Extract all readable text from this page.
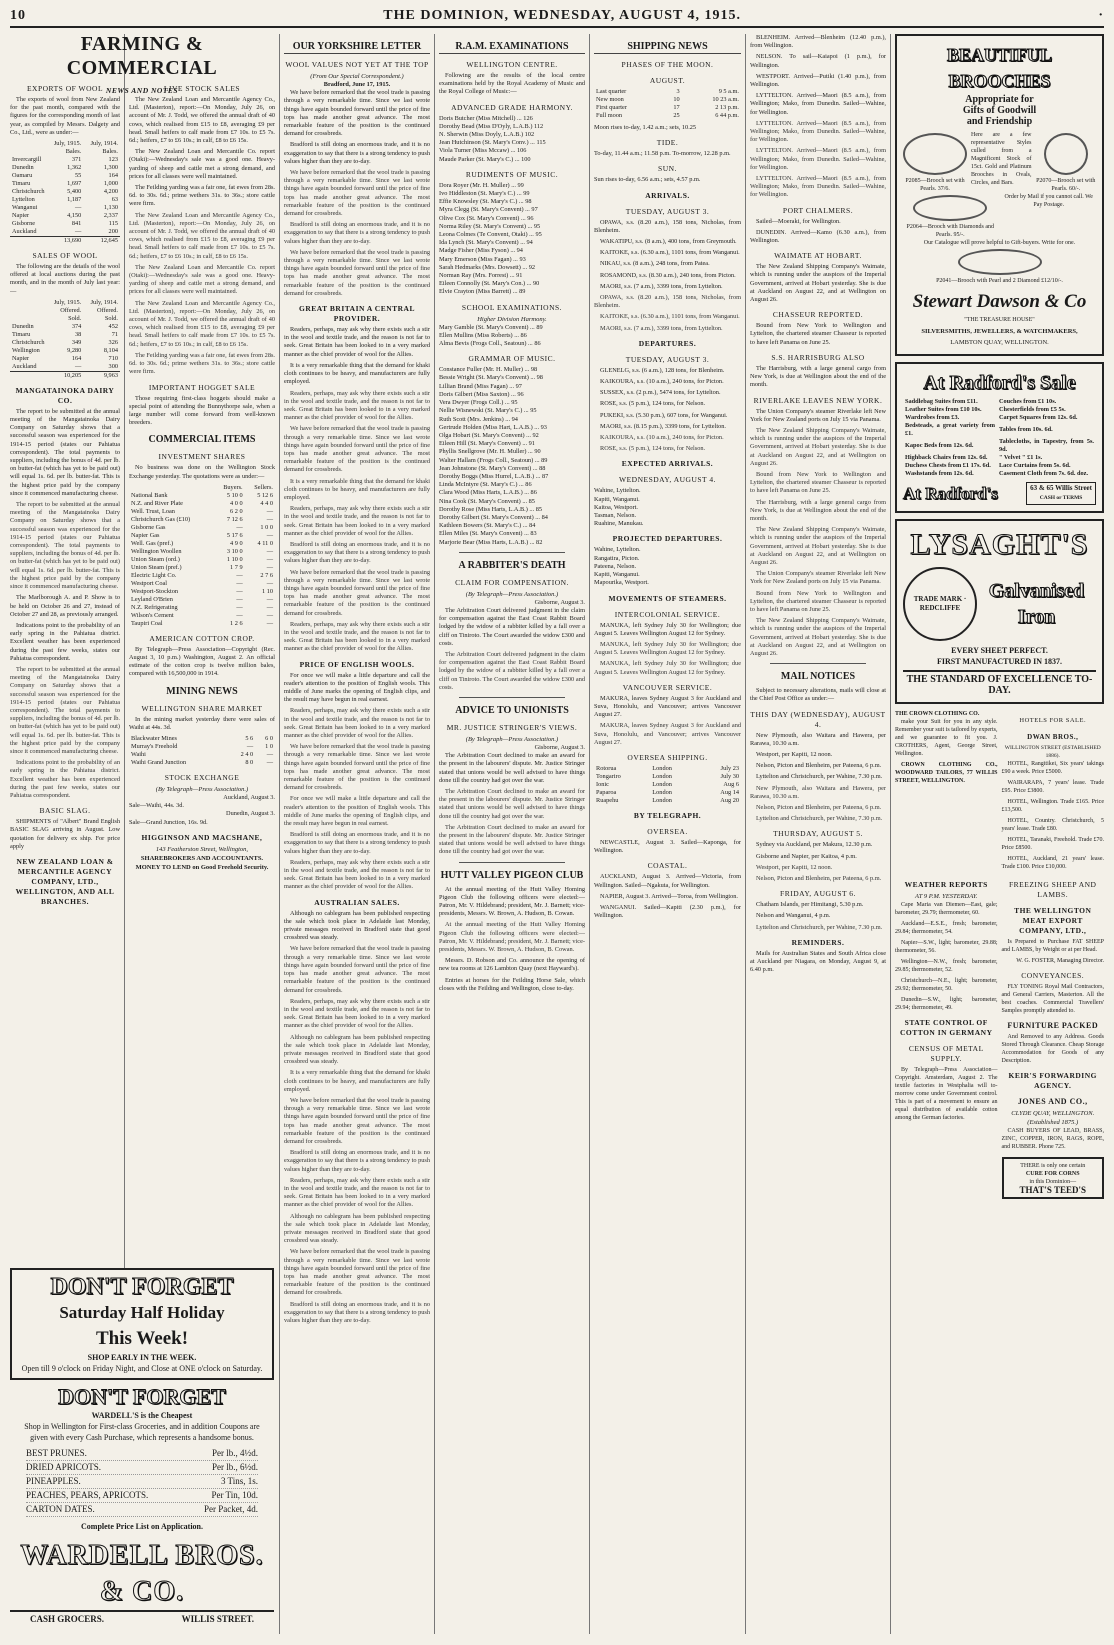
10	THE DOMINION, WEDNESDAY, AUGUST 4, 1915.	·
FARMING & COMMERCIAL
NEWS AND NOTES
EXPORTS OF WOOL

The exports of wool from New Zealand for the past month, compared with the figures for the corresponding month of last year, as compiled by Messrs. Dalgety and Co., Ltd., were as under:—

	July, 1915. Bales.	July, 1914. Bales.
Invercargill	371	123
Dunedin	1,362	1,300
Oamaru	55	164
Timaru	1,697	1,000
Christchurch	5,400	4,200
Lyttelton	1,187	63
Wanganui	—	1,130
Napier	4,150	2,337
Gisborne	841	115
Auckland	—	200
	13,690	12,645
SALES OF WOOL

The following are the details of the wool offered at local auctions during the past month, and in the month of July last year:—

	July, 1915. Offered. Sold.	July, 1914. Offered. Sold.
Dunedin	374	452
Timaru	38	71
Christchurch	349	326
Wellington	9,280	8,104
Napier	164	710
Auckland	—	300
	10,205	9,963
MANGATAINOKA DAIRY CO.

The report to be submitted at the annual meeting of the Mangatainoka Dairy Company on Saturday shows that a successful season was experienced for the 1914-15 period (states our Pahiatua correspondent). The total payments to suppliers, including the bonus of 4d. per lb. on butter-fat (which has yet to be paid out) will equal 1s. 6d. per lb. butter-fat. This is the highest price paid by the company since it commenced manufacturing cheese.

The report to be submitted at the annual meeting of the Mangatainoka Dairy Company on Saturday shows that a successful season was experienced for the 1914-15 period (states our Pahiatua correspondent). The total payments to suppliers, including the bonus of 4d. per lb. on butter-fat (which has yet to be paid out) will equal 1s. 6d. per lb. butter-fat. This is the highest price paid by the company since it commenced manufacturing cheese.

The Marlborough A. and P. Show is to be held on October 26 and 27, instead of October 27 and 28, as previously arranged.

Indications point to the probability of an early spring in the Pahiatua district. Excellent weather has been experienced during the past few weeks, states our Pahiatua correspondent.

The report to be submitted at the annual meeting of the Mangatainoka Dairy Company on Saturday shows that a successful season was experienced for the 1914-15 period (states our Pahiatua correspondent). The total payments to suppliers, including the bonus of 4d. per lb. on butter-fat (which has yet to be paid out) will equal 1s. 6d. per lb. butter-fat. This is the highest price paid by the company since it commenced manufacturing cheese.

Indications point to the probability of an early spring in the Pahiatua district. Excellent weather has been experienced during the past few weeks, states our Pahiatua correspondent.

BASIC SLAG.

SHIPMENTS of "Albert" Brand English BASIC SLAG arriving in August. Low quotation for delivery ex ship. For price apply

NEW ZEALAND LOAN & MERCANTILE AGENCY COMPANY, LTD., WELLINGTON, AND ALL BRANCHES.
LIVE STOCK SALES

The New Zealand Loan and Mercantile Agency Co., Ltd. (Masterton), report:—On Monday, July 26, on account of Mr. J. Todd, we offered the annual draft of 40 cows, which realised from £15 to £8, averaging £9 per head. Small heifers to calf made from £7 10s. to £5 7s. 6d.; heifers, £7 to £6 10s.; in calf, £8 to £6 15s.

The New Zealand Loan and Mercantile Co. report (Otaki):—Wednesday's sale was a good one. Heavy-yarding of sheep and cattle met a strong demand, and prices for all classes were well maintained.

The Feilding yarding was a fair one, fat ewes from 28s. 6d. to 30s. 6d.; prime wethers 31s. to 36s.; store cattle were firm.

The New Zealand Loan and Mercantile Agency Co., Ltd. (Masterton), report:—On Monday, July 26, on account of Mr. J. Todd, we offered the annual draft of 40 cows, which realised from £15 to £8, averaging £9 per head. Small heifers to calf made from £7 10s. to £5 7s. 6d.; heifers, £7 to £6 10s.; in calf, £8 to £6 15s.

The New Zealand Loan and Mercantile Co. report (Otaki):—Wednesday's sale was a good one. Heavy-yarding of sheep and cattle met a strong demand, and prices for all classes were well maintained.

The New Zealand Loan and Mercantile Agency Co., Ltd. (Masterton), report:—On Monday, July 26, on account of Mr. J. Todd, we offered the annual draft of 40 cows, which realised from £15 to £8, averaging £9 per head. Small heifers to calf made from £7 10s. to £5 7s. 6d.; heifers, £7 to £6 10s.; in calf, £8 to £6 15s.

The Feilding yarding was a fair one, fat ewes from 28s. 6d. to 30s. 6d.; prime wethers 31s. to 36s.; store cattle were firm.

IMPORTANT HOGGET SALE

Those requiring first-class hoggets should make a special point of attending the Bunnythorpe sale, when a large number will come forward from well-known breeders.

COMMERCIAL ITEMS
INVESTMENT SHARES

No business was done on the Wellington Stock Exchange yesterday. The quotations were as under:—

	Buyers.	Sellers.
National Bank	5 10 0	5 12 6
N.Z. and River Plate	4 0 0	4 4 0
Well. Trust, Loan	6 2 0	—
Christchurch Gas (£10)	7 12 6	—
Gisborne Gas	—	1 0 0
Napier Gas	5 17 6	—
Well. Gas (pref.)	4 9 0	4 11 0
Wellington Woollen	3 10 0	—
Union Steam (ord.)	1 10 0	—
Union Steam (pref.)	1 7 9	—
Electric Light Co.	—	2 7 6
Westport Coal	—	—
Westport-Stockton	—	1 10
Leyland O'Brien	—	—
N.Z. Refrigerating	—	—
Wilson's Cement	—	—
Taupiri Coal	1 2 6	—
AMERICAN COTTON CROP.

By Telegraph—Press Association—Copyright (Rec. August 3, 10 p.m.) Washington, August 2. An official estimate of the cotton crop is twelve million bales, compared with 16,500,000 in 1914.

MINING NEWS
WELLINGTON SHARE MARKET

In the mining market yesterday there were sales of Waihi at 44s. 3d.

Blackwater Mines	5 6	6 0
Murray's Freehold	—	1 0
Waihi	2 4 0	—
Waihi Grand Junction	8 0	—
STOCK EXCHANGE
(By Telegraph—Press Association.)
Auckland, August 3.
Sale—Waihi, 44s. 3d.
Dunedin, August 3.
Sale—Grand Junction, 16s. 9d.
HIGGINSON AND MACSHANE,
143 Featherston Street, Wellington,
SHAREBROKERS AND ACCOUNTANTS. MONEY TO LEND on Good Freehold Security.
DON'T FORGET
Saturday Half Holiday
This Week!
SHOP EARLY IN THE WEEK.
Open till 9 o'clock on Friday Night, and Close at ONE o'clock on Saturday.
DON'T FORGET
WARDELL'S is the Cheapest
Shop in Wellington for First-class Groceries, and in addition Coupons are given with every Cash Purchase, which represents a handsome bonus.
BEST PRUNES.	Per lb., 4½d.
DRIED APRICOTS.	Per lb., 6½d.
PINEAPPLES.	3 Tins, 1s.
PEACHES, PEARS, APRICOTS.	Per Tin, 10d.
CARTON DATES.	Per Packet, 4d.
Complete Price List on Application.
WARDELL BROS. & CO.
CASH GROCERS.	WILLIS STREET.
OUR YORKSHIRE LETTER
WOOL VALUES NOT YET AT THE TOP
(From Our Special Correspondent.)
Bradford, June 17, 1915.

We have before remarked that the wool trade is passing through a very remarkable time. Since we last wrote things have again bounded forward until the price of fine tops has made another great advance. The most remarkable feature of the position is the continued demand for crossbreds.

Bradford is still doing an enormous trade, and it is no exaggeration to say that there is a strong tendency to push values higher than they are to-day.

We have before remarked that the wool trade is passing through a very remarkable time. Since we last wrote things have again bounded forward until the price of fine tops has made another great advance. The most remarkable feature of the position is the continued demand for crossbreds.

Bradford is still doing an enormous trade, and it is no exaggeration to say that there is a strong tendency to push values higher than they are to-day.

We have before remarked that the wool trade is passing through a very remarkable time. Since we last wrote things have again bounded forward until the price of fine tops has made another great advance. The most remarkable feature of the position is the continued demand for crossbreds.

GREAT BRITAIN A CENTRAL PROVIDER.

Readers, perhaps, may ask why there exists such a stir in the wool and textile trade, and the reason is not far to seek. Great Britain has been looked to in a very marked manner as the chief provider of wool for the Allies.

It is a very remarkable thing that the demand for khaki cloth continues to be heavy, and manufacturers are fully employed.

Readers, perhaps, may ask why there exists such a stir in the wool and textile trade, and the reason is not far to seek. Great Britain has been looked to in a very marked manner as the chief provider of wool for the Allies.

We have before remarked that the wool trade is passing through a very remarkable time. Since we last wrote things have again bounded forward until the price of fine tops has made another great advance. The most remarkable feature of the position is the continued demand for crossbreds.

It is a very remarkable thing that the demand for khaki cloth continues to be heavy, and manufacturers are fully employed.

Readers, perhaps, may ask why there exists such a stir in the wool and textile trade, and the reason is not far to seek. Great Britain has been looked to in a very marked manner as the chief provider of wool for the Allies.

Bradford is still doing an enormous trade, and it is no exaggeration to say that there is a strong tendency to push values higher than they are to-day.

We have before remarked that the wool trade is passing through a very remarkable time. Since we last wrote things have again bounded forward until the price of fine tops has made another great advance. The most remarkable feature of the position is the continued demand for crossbreds.

Readers, perhaps, may ask why there exists such a stir in the wool and textile trade, and the reason is not far to seek. Great Britain has been looked to in a very marked manner as the chief provider of wool for the Allies.

PRICE OF ENGLISH WOOLS.

For once we will make a little departure and call the reader's attention to the position of English wools. This middle of June marks the opening of English clips, and the result may have begun in real earnest.

Readers, perhaps, may ask why there exists such a stir in the wool and textile trade, and the reason is not far to seek. Great Britain has been looked to in a very marked manner as the chief provider of wool for the Allies.

We have before remarked that the wool trade is passing through a very remarkable time. Since we last wrote things have again bounded forward until the price of fine tops has made another great advance. The most remarkable feature of the position is the continued demand for crossbreds.

For once we will make a little departure and call the reader's attention to the position of English wools. This middle of June marks the opening of English clips, and the result may have begun in real earnest.

Bradford is still doing an enormous trade, and it is no exaggeration to say that there is a strong tendency to push values higher than they are to-day.

Readers, perhaps, may ask why there exists such a stir in the wool and textile trade, and the reason is not far to seek. Great Britain has been looked to in a very marked manner as the chief provider of wool for the Allies.

AUSTRALIAN SALES.

Although no cablegram has been published respecting the sale which took place in Adelaide last Monday, private messages received in Bradford state that good crossbred was steady.

We have before remarked that the wool trade is passing through a very remarkable time. Since we last wrote things have again bounded forward until the price of fine tops has made another great advance. The most remarkable feature of the position is the continued demand for crossbreds.

Readers, perhaps, may ask why there exists such a stir in the wool and textile trade, and the reason is not far to seek. Great Britain has been looked to in a very marked manner as the chief provider of wool for the Allies.

Although no cablegram has been published respecting the sale which took place in Adelaide last Monday, private messages received in Bradford state that good crossbred was steady.

It is a very remarkable thing that the demand for khaki cloth continues to be heavy, and manufacturers are fully employed.

We have before remarked that the wool trade is passing through a very remarkable time. Since we last wrote things have again bounded forward until the price of fine tops has made another great advance. The most remarkable feature of the position is the continued demand for crossbreds.

Bradford is still doing an enormous trade, and it is no exaggeration to say that there is a strong tendency to push values higher than they are to-day.

Readers, perhaps, may ask why there exists such a stir in the wool and textile trade, and the reason is not far to seek. Great Britain has been looked to in a very marked manner as the chief provider of wool for the Allies.

Although no cablegram has been published respecting the sale which took place in Adelaide last Monday, private messages received in Bradford state that good crossbred was steady.

We have before remarked that the wool trade is passing through a very remarkable time. Since we last wrote things have again bounded forward until the price of fine tops has made another great advance. The most remarkable feature of the position is the continued demand for crossbreds.

Bradford is still doing an enormous trade, and it is no exaggeration to say that there is a strong tendency to push values higher than they are to-day.

R.A.M. EXAMINATIONS
WELLINGTON CENTRE.

Following are the results of the local centre examinations held by the Royal Academy of Music and the Royal College of Music:—

ADVANCED GRADE HARMONY.
Doris Butcher (Miss Mitchell) ... 126
Dorothy Bead (Miss D'Oyly, L.A.B.) 112
N. Sherwin (Miss Doyly, L.A.B.) 102
Jean Hutchinson (St. Mary's Conv.) ... 115
Viola Turner (Miss Mccaw) ... 106
Maude Parker (St. Mary's C.) ... 100
RUDIMENTS OF MUSIC.
Dora Royer (Mr. H. Muller) ... 99
Ivo Hiddleston (St. Mary's C.) ... 99
Effie Knowsley (St. Mary's C.) ... 98
Myra Clegg (St. Mary's Convent) ... 97
Olive Cox (St. Mary's Convent) ... 96
Norma Riley (St. Mary's Convent) ... 95
Leona Colmes (Te Convent, Otaki) ... 95
Ida Lynch (St. Mary's Convent) ... 94
Madge Fisher (Miss Fyson) ... 94
Mary Emerson (Miss Fagan) ... 93
Sarah Hedmarks (Mrs. Dowsett) ... 92
Norman Ray (Mrs. Forrest) ... 91
Eileen Connolly (St. Mary's Con.) ... 90
Elvie Crayton (Miss Barrett) ... 89
SCHOOL EXAMINATIONS.
Higher Division Harmony.
Mary Gamble (St. Mary's Convent) ... 89
Ellen Mullins (Miss Roberts) ... 86
Alma Bevis (Frogs Coll., Seatoun) ... 86
GRAMMAR OF MUSIC.
Constance Fuller (Mr. H. Muller) ... 98
Bessie Wright (St. Mary's Convent) ... 98
Lillian Brand (Miss Fagan) ... 97
Doris Gilbert (Miss Saxton) ... 96
Vera Dwyer (Frogs Coll.) ... 95
Nellie Wisnewski (St. Mary's C.) ... 95
Ruth Scott (Mrs. Jenkins) ... 94
Gertrude Holden (Miss Hart, L.A.B.) ... 93
Olga Hobart (St. Mary's Convent) ... 92
Eileen Hill (St. Mary's Convent) ... 91
Phyllis Snellgrove (Mr. H. Muller) ... 90
Walter Hallam (Frogs Coll., Seatoun) ... 89
Jean Johnstone (St. Mary's Convent) ... 88
Dorothy Boggs (Miss Hurrel, L.A.B.) ... 87
Linda McIntyre (St. Mary's C.) ... 86
Clara Wood (Miss Harts, L.A.B.) ... 86
Nina Cook (St. Mary's Convent) ... 85
Dorothy Rose (Miss Harts, L.A.B.) ... 85
Dorothy Gilbert (St. Mary's Convent) ... 84
Kathleen Bowers (St. Mary's C.) ... 84
Ellen Miles (St. Mary's Convent) ... 83
Marjorie Bear (Miss Harts, L.A.B.) ... 82
A RABBITER'S DEATH
CLAIM FOR COMPENSATION.
(By Telegraph—Press Association.)
Gisborne, August 3.

The Arbitration Court delivered judgment in the claim for compensation against the East Coast Rabbit Board lodged by the widow of a rabbiter killed by a fall over a cliff on Tiniroto. The Court awarded the widow £300 and costs.

The Arbitration Court delivered judgment in the claim for compensation against the East Coast Rabbit Board lodged by the widow of a rabbiter killed by a fall over a cliff on Tiniroto. The Court awarded the widow £300 and costs.

ADVICE TO UNIONISTS
MR. JUSTICE STRINGER'S VIEWS.
(By Telegraph—Press Association.)
Gisborne, August 3.

The Arbitration Court declined to make an award for the present in the labourers' dispute. Mr. Justice Stringer stated that unions would be well advised to have things done till the country had got over the war.

The Arbitration Court declined to make an award for the present in the labourers' dispute. Mr. Justice Stringer stated that unions would be well advised to have things done till the country had got over the war.

The Arbitration Court declined to make an award for the present in the labourers' dispute. Mr. Justice Stringer stated that unions would be well advised to have things done till the country had got over the war.

HUTT VALLEY PIGEON CLUB

At the annual meeting of the Hutt Valley Homing Pigeon Club the following officers were elected:—Patron, Mr. V. Hildebrand; president, Mr. J. Barnett; vice-presidents, Messrs. W. Brown, A. Hudson, B. Cowan.

At the annual meeting of the Hutt Valley Homing Pigeon Club the following officers were elected:—Patron, Mr. V. Hildebrand; president, Mr. J. Barnett; vice-presidents, Messrs. W. Brown, A. Hudson, B. Cowan.

Messrs. D. Robson and Co. announce the opening of new tea rooms at 126 Lambton Quay (next Hayward's).

Entries at horses for the Feilding Horse Sale, which closes with the Feilding and Wellington, close to-day.

SHIPPING NEWS
PHASES OF THE MOON.
AUGUST.
Last quarter	3	9 5 a.m.
New moon	10	10 23 a.m.
First quarter	17	2 13 p.m.
Full moon	25	6 44 p.m.
Moon rises to-day, 1.42 a.m.; sets, 10.25
TIDE.
To-day, 11.44 a.m.; 11.58 p.m. To-morrow, 12.28 p.m.
SUN.
Sun rises to-day, 6.56 a.m.; sets, 4.57 p.m.
ARRIVALS.
TUESDAY, AUGUST 3.

OPAWA, s.s. (8.20 a.m.), 158 tons, Nicholas, from Blenheim.

WAKATIPU, s.s. (8 a.m.), 400 tons, from Greymouth.

KAITOKE, s.s. (6.30 a.m.), 1101 tons, from Wanganui.

NIKAU, s.s. (8 a.m.), 248 tons, from Patea.

ROSAMOND, s.s. (8.30 a.m.), 240 tons, from Picton.

MAORI, s.s. (7 a.m.), 3399 tons, from Lyttelton.

OPAWA, s.s. (8.20 a.m.), 158 tons, Nicholas, from Blenheim.

KAITOKE, s.s. (6.30 a.m.), 1101 tons, from Wanganui.

MAORI, s.s. (7 a.m.), 3399 tons, from Lyttelton.

DEPARTURES.
TUESDAY, AUGUST 3.

GLENELG, s.s. (6 a.m.), 128 tons, for Blenheim.

KAIKOURA, s.s. (10 a.m.), 240 tons, for Picton.

SUSSEX, s.s. (2 p.m.), 5474 tons, for Lyttelton.

ROSE, s.s. (5 p.m.), 124 tons, for Nelson.

PUKEKI, s.s. (5.30 p.m.), 607 tons, for Wanganui.

MAORI, s.s. (8.15 p.m.), 3399 tons, for Lyttelton.

KAIKOURA, s.s. (10 a.m.), 240 tons, for Picton.

ROSE, s.s. (5 p.m.), 124 tons, for Nelson.

EXPECTED ARRIVALS.
WEDNESDAY, AUGUST 4.
Wahine, Lyttelton.
Kapiti, Wanganui.
Kaitoa, Westport.
Tasman, Nelson.
Ruahine, Manukau.
PROJECTED DEPARTURES.
Wahine, Lyttelton.
Rangatira, Picton.
Pateena, Nelson.
Kapiti, Wanganui.
Mapourika, Westport.
MOVEMENTS OF STEAMERS.
INTERCOLONIAL SERVICE.

MANUKA, left Sydney July 30 for Wellington; due August 5. Leaves Wellington August 12 for Sydney.

MANUKA, left Sydney July 30 for Wellington; due August 5. Leaves Wellington August 12 for Sydney.

MANUKA, left Sydney July 30 for Wellington; due August 5. Leaves Wellington August 12 for Sydney.

VANCOUVER SERVICE.

MAKURA, leaves Sydney August 3 for Auckland and Suva, Honolulu, and Vancouver; arrives Vancouver August 27.

MAKURA, leaves Sydney August 3 for Auckland and Suva, Honolulu, and Vancouver; arrives Vancouver August 27.

OVERSEA SHIPPING.
Rotorua	London	July 23
Tongariro	London	July 30
Ionic	London	Aug 6
Paparoa	London	Aug 14
Ruapehu	London	Aug 20
BY TELEGRAPH.
OVERSEA.

NEWCASTLE, August 3. Sailed—Kaponga, for Wellington.

COASTAL.

AUCKLAND, August 3. Arrived—Victoria, from Wellington. Sailed—Ngakuta, for Wellington.

NAPIER, August 3. Arrived—Toroa, from Wellington.

WANGANUI. Sailed—Kapiti (2.30 p.m.), for Wellington.

BLENHEIM. Arrived—Blenheim (12.40 p.m.), from Wellington.

NELSON. To sail—Kaiapoi (1 p.m.), for Wellington.

WESTPORT. Arrived—Putiki (1.40 p.m.), from Wellington.

LYTTELTON. Arrived—Maori (8.5 a.m.), from Wellington; Mako, from Dunedin. Sailed—Wahine, for Wellington.

LYTTELTON. Arrived—Maori (8.5 a.m.), from Wellington; Mako, from Dunedin. Sailed—Wahine, for Wellington.

LYTTELTON. Arrived—Maori (8.5 a.m.), from Wellington; Mako, from Dunedin. Sailed—Wahine, for Wellington.

LYTTELTON. Arrived—Maori (8.5 a.m.), from Wellington; Mako, from Dunedin. Sailed—Wahine, for Wellington.

PORT CHALMERS.

Sailed—Moeraki, for Wellington.

DUNEDIN. Arrived—Kamo (6.30 a.m.), from Wellington.

WAIMATE AT HOBART.

The New Zealand Shipping Company's Waimate, which is running under the auspices of the Imperial Government, arrived at Hobart yesterday. She is due at Auckland on August 22, and at Wellington on August 26.

CHASSEUR REPORTED.

Bound from New York to Wellington and Lyttelton, the chartered steamer Chasseur is reported to have left Panama on June 25.

S.S. HARRISBURG ALSO

The Harrisburg, with a large general cargo from New York, is due at Wellington about the end of the month.

RIVERLAKE LEAVES NEW YORK.

The Union Company's steamer Riverlake left New York for New Zealand ports on July 15 via Panama.

The New Zealand Shipping Company's Waimate, which is running under the auspices of the Imperial Government, arrived at Hobart yesterday. She is due at Auckland on August 22, and at Wellington on August 26.

Bound from New York to Wellington and Lyttelton, the chartered steamer Chasseur is reported to have left Panama on June 25.

The Harrisburg, with a large general cargo from New York, is due at Wellington about the end of the month.

The New Zealand Shipping Company's Waimate, which is running under the auspices of the Imperial Government, arrived at Hobart yesterday. She is due at Auckland on August 22, and at Wellington on August 26.

The Union Company's steamer Riverlake left New York for New Zealand ports on July 15 via Panama.

Bound from New York to Wellington and Lyttelton, the chartered steamer Chasseur is reported to have left Panama on June 25.

The New Zealand Shipping Company's Waimate, which is running under the auspices of the Imperial Government, arrived at Hobart yesterday. She is due at Auckland on August 22, and at Wellington on August 26.

MAIL NOTICES

Subject to necessary alterations, mails will close at the Chief Post Office as under:—

THIS DAY (WEDNESDAY), AUGUST 4.

New Plymouth, also Waitara and Hawera, per Rarawa, 10.30 a.m.

Westport, per Kapiti, 12 noon.

Nelson, Picton and Blenheim, per Pateena, 6 p.m.

Lyttelton and Christchurch, per Wahine, 7.30 p.m.

New Plymouth, also Waitara and Hawera, per Rarawa, 10.30 a.m.

Nelson, Picton and Blenheim, per Pateena, 6 p.m.

Lyttelton and Christchurch, per Wahine, 7.30 p.m.

THURSDAY, AUGUST 5.

Sydney via Auckland, per Makura, 12.30 p.m.

Gisborne and Napier, per Kaitoa, 4 p.m.

Westport, per Kapiti, 12 noon.

Nelson, Picton and Blenheim, per Pateena, 6 p.m.

FRIDAY, AUGUST 6.

Chatham Islands, per Himitangi, 5.30 p.m.

Nelson and Wanganui, 4 p.m.

Lyttelton and Christchurch, per Wahine, 7.30 p.m.

REMINDERS.

Mails for Australian States and South Africa close at Auckland per Niagara, on Monday, August 9, at 6.40 p.m.

BEAUTIFUL BROOCHES
Appropriate for
Gifts of Goodwill
and Friendship
P2085—Brooch set with Pearls. 37/6.
Here are a few representative Styles culled from a Magnificent Stock of 15ct. Gold and Platinum Brooches in Ovals, Circles, and Bars.	P2070—Brooch set with Pearls. 60/-.
P2064—Brooch with Diamonds and Pearls. 95/-.
Order by Mail if you cannot call. We Pay Postage.
Our Catalogue will prove helpful to Gift-buyers. Write for one.
P2041—Brooch with Pearl and 2 Diamond £12/10/-.
Stewart Dawson & Co
"THE TREASURE HOUSE"
SILVERSMITHS, JEWELLERS, & WATCHMAKERS,
LAMBTON QUAY, WELLINGTON.
At Radford's Sale
Saddlebag Suites from £11.	Couches from £1 10s.
Leather Suites from £10 10s.	Chesterfields from £5 5s.
Wardrobes from £3.	Carpet Squares from 12s. 6d.
Bedsteads, a great variety from £1.	Tables from 10s. 6d.
Kapoc Beds from 12s. 6d.	Tablecloths, in Tapestry, from 5s. 9d.
Highback Chairs from 12s. 6d.	" Velvet " £1 1s.
Duchess Chests from £1 17s. 6d.	Lace Curtains from 5s. 6d.
Washstands from 12s. 6d.	Casement Cloth from 7s. 6d. doz.
At Radford's	63 & 65 Willis Street
CASH or TERMS
LYSAGHT'S
TRADE MARK · REDCLIFFE
Galvanised Iron
EVERY SHEET PERFECT.
FIRST MANUFACTURED IN 1837.
THE STANDARD OF EXCELLENCE TO-DAY.
THE CROWN CLOTHING CO.

make your Suit for you in any style. Remember your suit is tailored by experts, and we guarantee to fit you. J. CROTHERS, Agent, George Street, Wellington.

CROWN CLOTHING CO., WOODWARD TAILORS, 77 WILLIS STREET, WELLINGTON.

HOTELS FOR SALE.
DWAN BROS.,
WILLINGTON STREET (ESTABLISHED 1886).

HOTEL, Rangitikei, Six years' takings £90 a week. Price £5000.

WAIRARAPA, 7 years' lease. Trade £95. Price £3800.

HOTEL, Wellington. Trade £165. Price £13,500.

HOTEL, Country. Christchurch, 5 years' lease. Trade £80.

HOTEL, Taranaki, Freehold. Trade £70. Price £8500.

HOTEL, Auckland, 21 years' lease. Trade £100. Price £10,000.

WEATHER REPORTS
AT 9 P.M. YESTERDAY.

Cape Maria van Diemen—East, gale; barometer, 29.79; thermometer, 60.

Auckland—E.S.E., fresh; barometer, 29.84; thermometer, 54.

Napier—S.W., light; barometer, 29.88; thermometer, 56.

Wellington—N.W., fresh; barometer, 29.85; thermometer, 52.

Christchurch—N.E., light; barometer, 29.92; thermometer, 50.

Dunedin—S.W., light; barometer, 29.94; thermometer, 49.

STATE CONTROL OF COTTON IN GERMANY
CENSUS OF METAL SUPPLY.

By Telegraph—Press Association—Copyright. Amsterdam, August 2. The textile factories in Westphalia will to-morrow come under Government control. This is part of a movement to ensure an equal distribution of available cotton among the German factories.

FREEZING SHEEP AND LAMBS.
THE WELLINGTON MEAT EXPORT COMPANY, LTD.,

Is Prepared to Purchase FAT SHEEP and LAMBS, by Weight or at per Head.

W. G. FOSTER, Managing Director.
CONVEYANCES.

FLY TONING Royal Mail Contractors, and General Carriers, Masterton. All the best coaches. Commercial Travellers' Samples promptly attended to.

FURNITURE PACKED

And Removed to any Address. Goods Stored Through Clearance. Cheap Storage Accommodation for Goods of any Description.

KEIR'S FORWARDING AGENCY.
JONES AND CO.,
CLYDE QUAY, WELLINGTON. (Established 1875.)

CASH BUYERS OF LEAD, BRASS, ZINC, COPPER, IRON, RAGS, ROPE, and RUBBER. Phone 725.

THERE is only one certain
CURE FOR CORNS
in this Dominion—
THAT'S TEED'S
